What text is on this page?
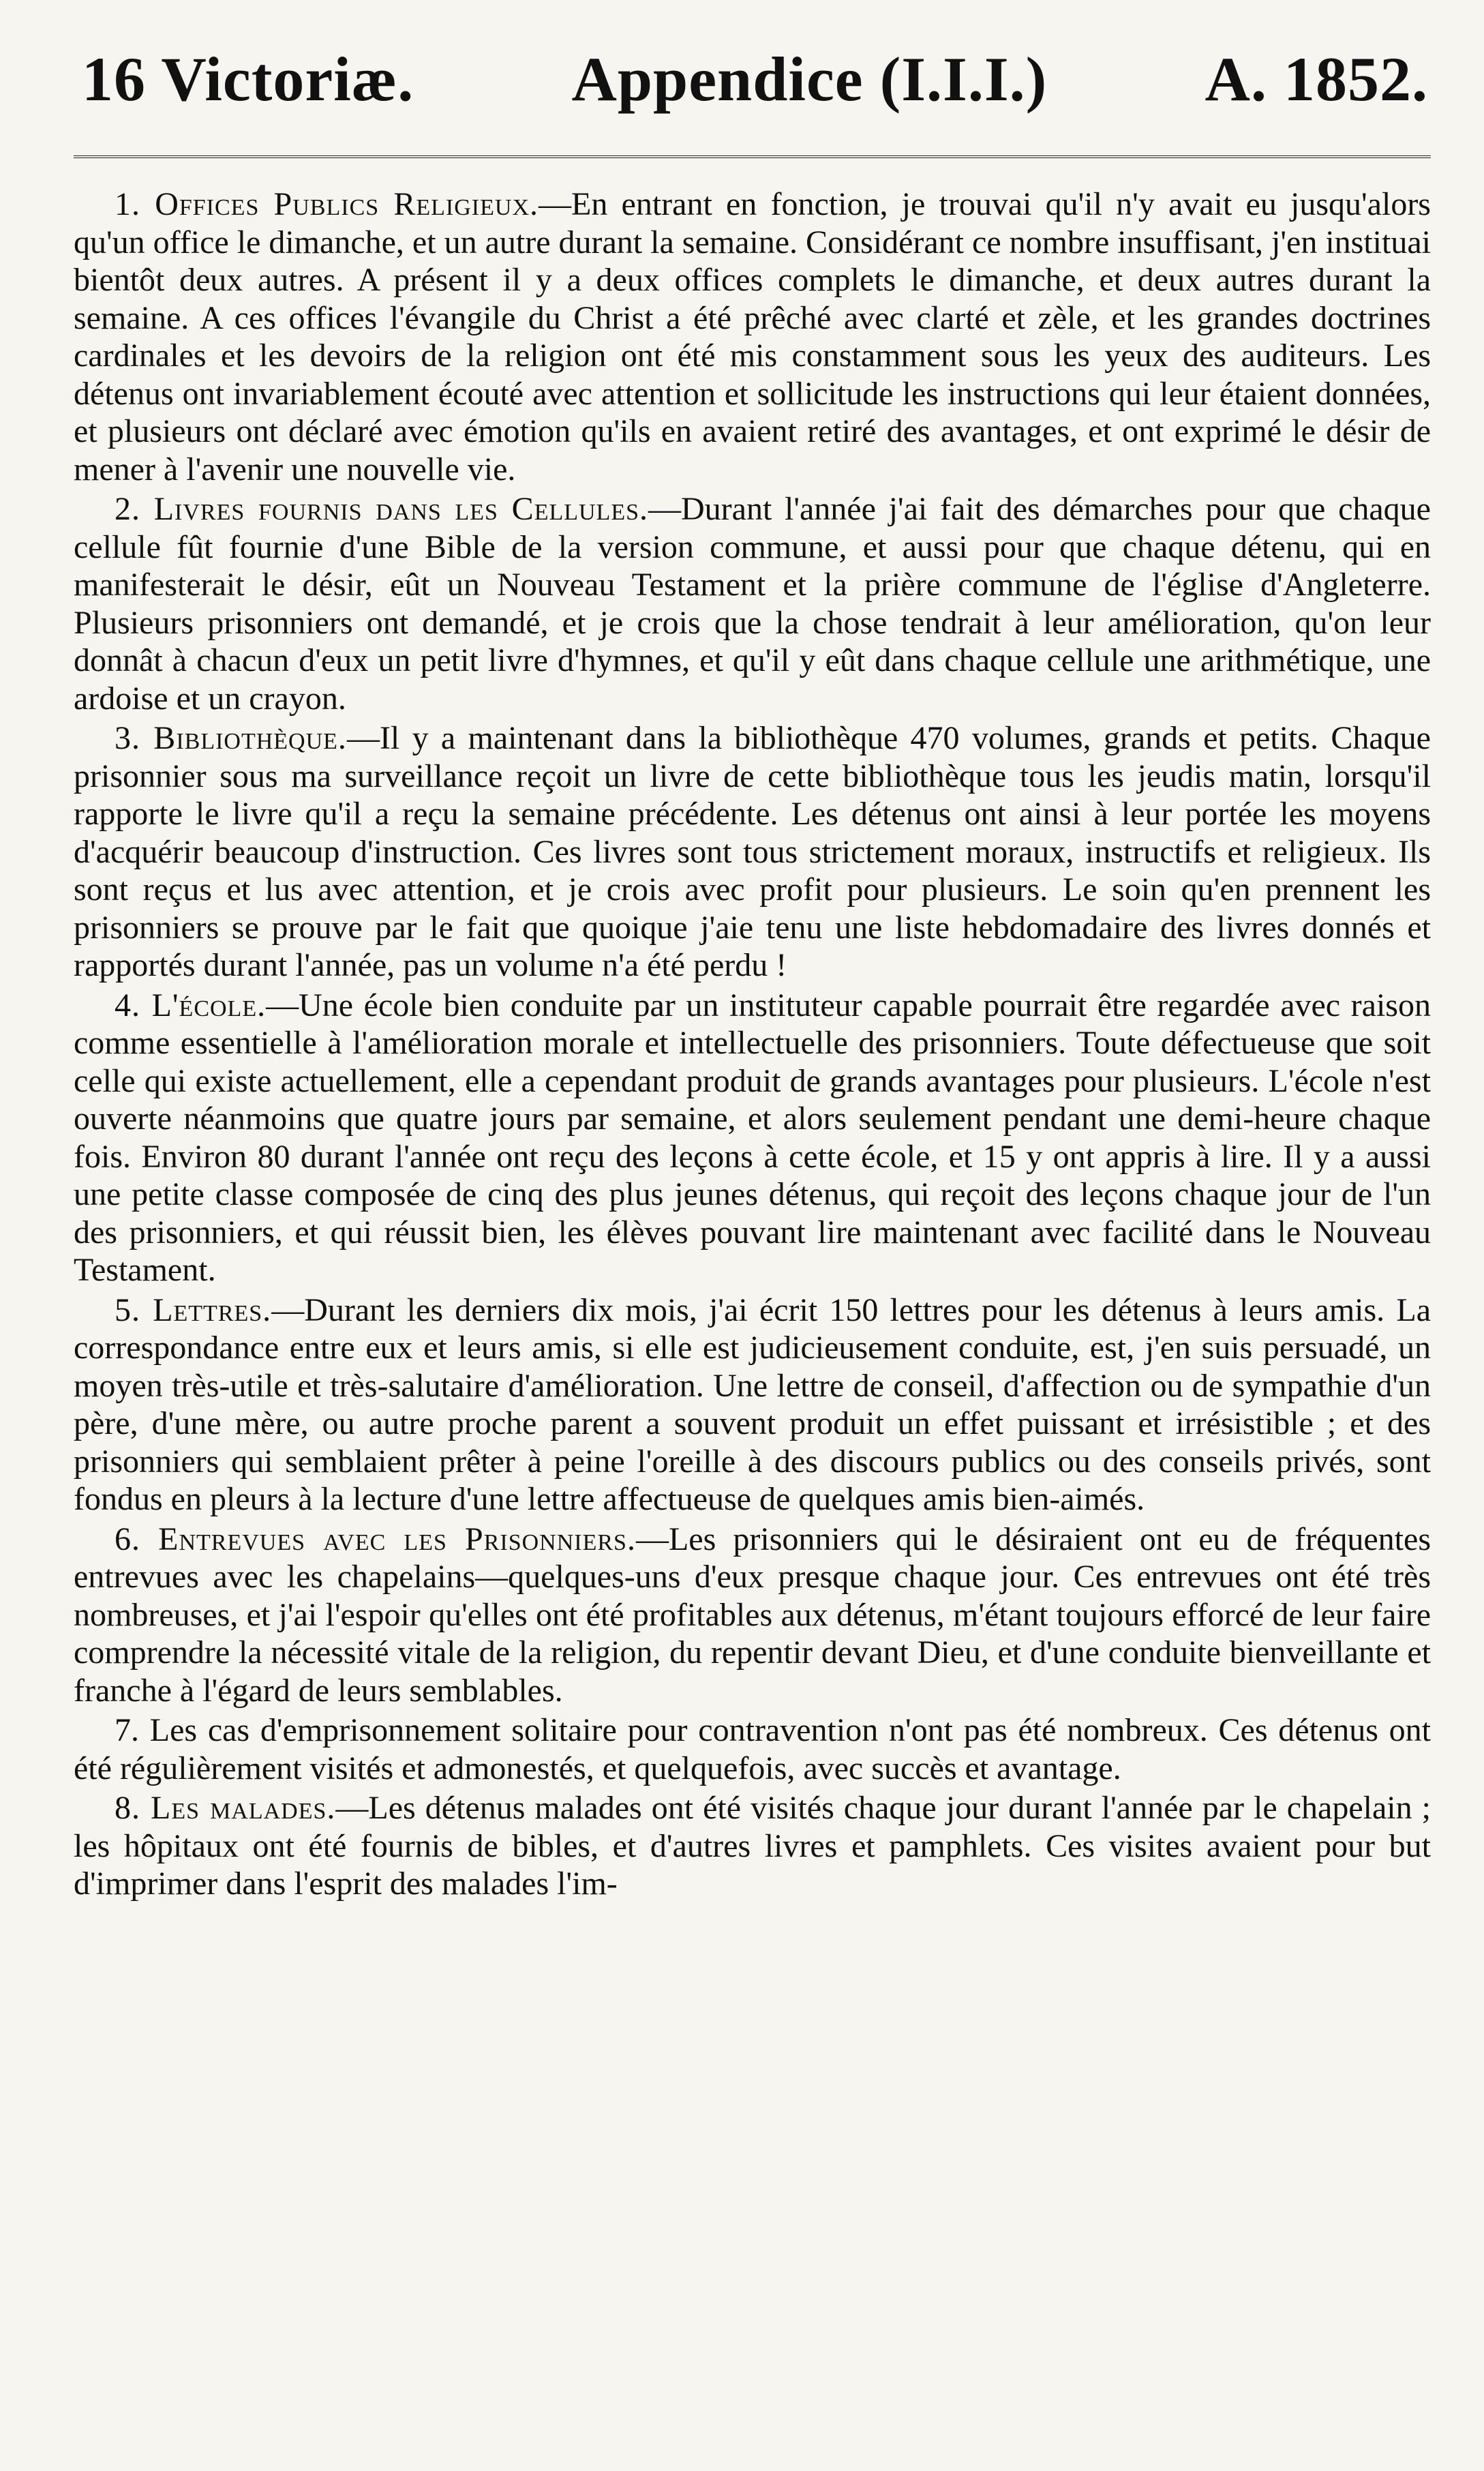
16 Victoriæ.	Appendice (I.I.I.)	A. 1852.

1. Offices Publics Religieux.—En entrant en fonction, je trouvai qu'il n'y avait eu jusqu'alors qu'un office le dimanche, et un autre durant la semaine. Considérant ce nombre insuffisant, j'en instituai bientôt deux autres. A présent il y a deux offices complets le dimanche, et deux autres durant la semaine. A ces offices l'évangile du Christ a été prêché avec clarté et zèle, et les grandes doctrines cardinales et les devoirs de la religion ont été mis constamment sous les yeux des auditeurs. Les détenus ont invariablement écouté avec attention et sollicitude les instructions qui leur étaient données, et plusieurs ont déclaré avec émotion qu'ils en avaient retiré des avantages, et ont exprimé le désir de mener à l'avenir une nouvelle vie.

2. Livres fournis dans les Cellules.—Durant l'année j'ai fait des démarches pour que chaque cellule fût fournie d'une Bible de la version commune, et aussi pour que chaque détenu, qui en manifesterait le désir, eût un Nouveau Testament et la prière commune de l'église d'Angleterre. Plusieurs prisonniers ont demandé, et je crois que la chose tendrait à leur amélioration, qu'on leur donnât à chacun d'eux un petit livre d'hymnes, et qu'il y eût dans chaque cellule une arithmétique, une ardoise et un crayon.

3. Bibliothèque.—Il y a maintenant dans la bibliothèque 470 volumes, grands et petits. Chaque prisonnier sous ma surveillance reçoit un livre de cette bibliothèque tous les jeudis matin, lorsqu'il rapporte le livre qu'il a reçu la semaine précédente. Les détenus ont ainsi à leur portée les moyens d'acquérir beaucoup d'instruction. Ces livres sont tous strictement moraux, instructifs et religieux. Ils sont reçus et lus avec attention, et je crois avec profit pour plusieurs. Le soin qu'en prennent les prisonniers se prouve par le fait que quoique j'aie tenu une liste hebdomadaire des livres donnés et rapportés durant l'année, pas un volume n'a été perdu !

4. L'école.—Une école bien conduite par un instituteur capable pourrait être regardée avec raison comme essentielle à l'amélioration morale et intellectuelle des prisonniers. Toute défectueuse que soit celle qui existe actuellement, elle a cependant produit de grands avantages pour plusieurs. L'école n'est ouverte néanmoins que quatre jours par semaine, et alors seulement pendant une demi-heure chaque fois. Environ 80 durant l'année ont reçu des leçons à cette école, et 15 y ont appris à lire. Il y a aussi une petite classe composée de cinq des plus jeunes détenus, qui reçoit des leçons chaque jour de l'un des prisonniers, et qui réussit bien, les élèves pouvant lire maintenant avec facilité dans le Nouveau Testament.

5. Lettres.—Durant les derniers dix mois, j'ai écrit 150 lettres pour les détenus à leurs amis. La correspondance entre eux et leurs amis, si elle est judicieusement conduite, est, j'en suis persuadé, un moyen très-utile et très-salutaire d'amélioration. Une lettre de conseil, d'affection ou de sympathie d'un père, d'une mère, ou autre proche parent a souvent produit un effet puissant et irrésistible ; et des prisonniers qui semblaient prêter à peine l'oreille à des discours publics ou des conseils privés, sont fondus en pleurs à la lecture d'une lettre affectueuse de quelques amis bien-aimés.

6. Entrevues avec les Prisonniers.—Les prisonniers qui le désiraient ont eu de fréquentes entrevues avec les chapelains—quelques-uns d'eux presque chaque jour. Ces entrevues ont été très nombreuses, et j'ai l'espoir qu'elles ont été profitables aux détenus, m'étant toujours efforcé de leur faire comprendre la nécessité vitale de la religion, du repentir devant Dieu, et d'une conduite bienveillante et franche à l'égard de leurs semblables.

7. Les cas d'emprisonnement solitaire pour contravention n'ont pas été nombreux. Ces détenus ont été régulièrement visités et admonestés, et quelquefois, avec succès et avantage.

8. Les malades.—Les détenus malades ont été visités chaque jour durant l'année par le chapelain ; les hôpitaux ont été fournis de bibles, et d'autres livres et pamphlets. Ces visites avaient pour but d'imprimer dans l'esprit des malades l'im-
